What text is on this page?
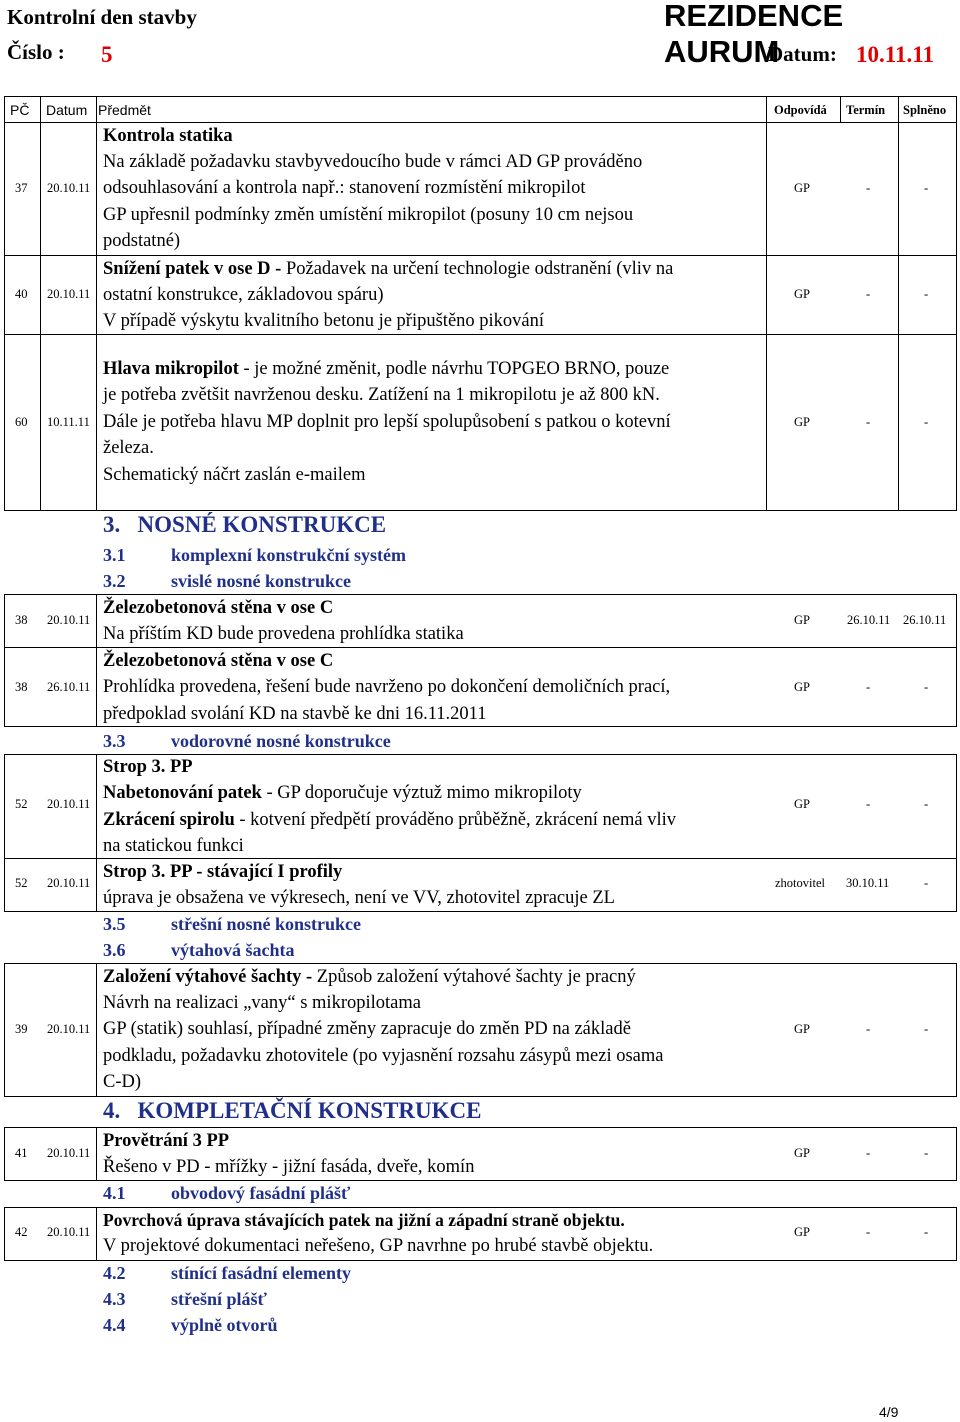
Kontrolní den stavby	REZIDENCE AURUM
Číslo : 5	Datum: 10.11.11
PČ Datum Předmět	Odpovídá Termín Splněno
37 20.10.11
Kontrola statika
Na základě požadavku stavbyvedoucího bude v rámci AD GP prováděno
odsouhlasování a kontrola např.: stanovení rozmístění mikropilot
GP upřesnil podmínky změn umístění mikropilot (posuny 10 cm nejsou
podstatné)
GP	-	-
40 20.10.11
Snížení patek v ose D - Požadavek na určení technologie odstranění (vliv na
ostatní konstrukce, základovou spáru)
V případě výskytu kvalitního betonu je připuštěno pikování
GP	-	-
60 10.11.11
Hlava mikropilot - je možné změnit, podle návrhu TOPGEO BRNO, pouze
je potřeba zvětšit navrženou desku. Zatížení na 1 mikropilotu je až 800 kN.
Dále je potřeba hlavu MP doplnit pro lepší spolupůsobení s patkou o kotevní
železa.
Schematický náčrt zaslán e-mailem
GP	-	-
3.   NOSNÉ KONSTRUKCE
3.1	komplexní konstrukční systém
3.2	svislé nosné konstrukce
38 20.10.11
Železobetonová stěna v ose C
Na příštím KD bude provedena prohlídka statika
GP	26.10.11 26.10.11
38 26.10.11
Železobetonová stěna v ose C
Prohlídka provedena, řešení bude navrženo po dokončení demoličních prací,
předpoklad svolání KD na stavbě ke dni 16.11.2011
GP	-	-
3.3	vodorovné nosné konstrukce
52 20.10.11
Strop 3. PP
Nabetonování patek - GP doporučuje výztuž mimo mikropiloty
Zkrácení spirolu - kotvení předpětí prováděno průběžně, zkrácení nemá vliv
na statickou funkci
GP	-	-
52 20.10.11
Strop 3. PP - stávající I profily
úprava je obsažena ve výkresech, není ve VV, zhotovitel zpracuje ZL
zhotovitel 30.10.11	-
3.5	střešní nosné konstrukce
3.6	výtahová šachta
39 20.10.11
Založení výtahové šachty - Způsob založení výtahové šachty je pracný
Návrh na realizaci „vany“ s mikropilotama
GP (statik) souhlasí, případné změny zapracuje do změn PD na základě
podkladu, požadavku zhotovitele (po vyjasnění rozsahu zásypů mezi osama
C-D)
GP	-	-
4.   KOMPLETAČNÍ KONSTRUKCE
41 20.10.11
Provětrání 3 PP
Řešeno v PD - mřížky - jižní fasáda, dveře, komín
GP	-	-
4.1	obvodový fasádní plášť
42 20.10.11
Povrchová úprava stávajících patek na jižní a západní straně objektu.
V projektové dokumentaci neřešeno, GP navrhne po hrubé stavbě objektu.
GP	-	-
4.2	stínící fasádní elementy
4.3	střešní plášť
4.4	výplně otvorů
4/9
